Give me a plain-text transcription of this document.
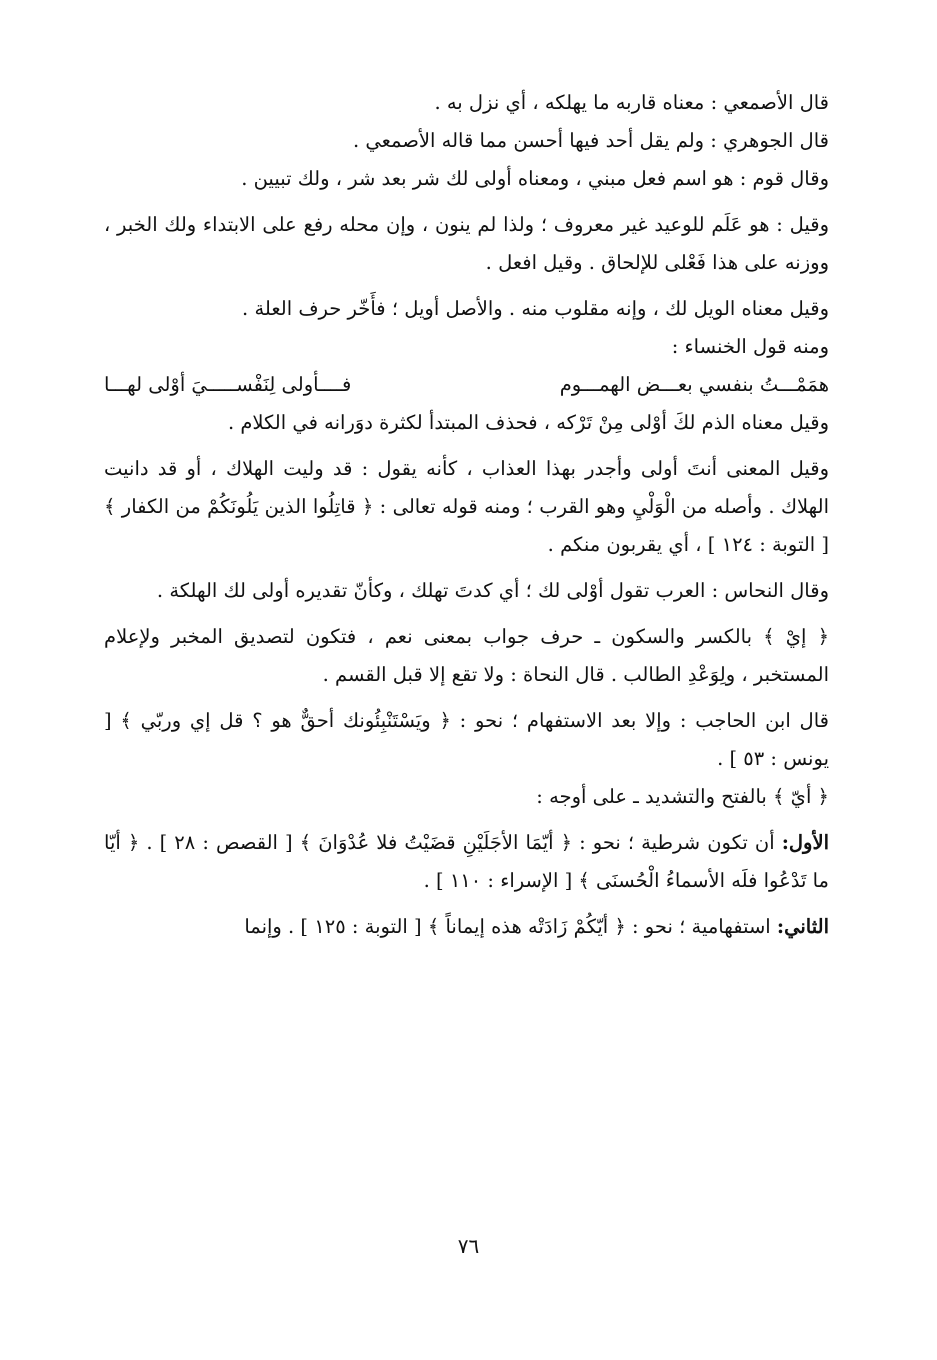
قال الأصمعي : معناه قاربه ما يهلكه ، أي نزل به .

قال الجوهري : ولم يقل أحد فيها أحسن مما قاله الأصمعي .

وقال قوم : هو اسم فعل مبني ، ومعناه أولى لك شر بعد شر ، ولك تبيين .

وقيل : هو عَلَم للوعيد غير معروف ؛ ولذا لم ينون ، وإن محله رفع على الابتداء ولك الخبر ، ووزنه على هذا فَعْلى للإلحاق . وقيل افعل .

وقيل معناه الويل لك ، وإنه مقلوب منه . والأصل أويل ؛ فأَخّر حرف العلة .

ومنه قول الخنساء :

همَمْـــتُ بنفسي بعـــض الهمـــوم
فــــأولى لِنَفْســـــيَ أوْلى لهـــا

وقيل معناه الذم لكَ أوْلى مِنْ تَرْكه ، فحذف المبتدأ لكثرة دوَرانه في الكلام .

وقيل المعنى أنتَ أولى وأجدر بهذا العذاب ، كأنه يقول : قد وليت الهلاك ، أو قد دانيت الهلاك . وأصله من الْوَلْيِ وهو القرب ؛ ومنه قوله تعالى : ﴿ قاتِلُوا الذين يَلُونَكُمْ من الكفار ﴾ [ التوبة : ١٢٤ ] ، أي يقربون منكم .

وقال النحاس : العرب تقول أوْلى لك ؛ أي كدتَ تهلك ، وكأنّ تقديره أولى لك الهلكة .

﴿ إيْ ﴾ بالكسر والسكون ـ حرف جواب بمعنى نعم ، فتكون لتصديق المخبر ولإعلام المستخبر ، ولِوَعْدِ الطالب . قال النحاة : ولا تقع إلا قبل القسم .

قال ابن الحاجب : وإلا بعد الاستفهام ؛ نحو : ﴿ ويَسْتَنْبِئُونك أحقٌّ هو ؟ قل إي وربّي ﴾ [ يونس : ٥٣ ] .

﴿ أيّ ﴾ بالفتح والتشديد ـ على أوجه :

الأول: أن تكون شرطية ؛ نحو : ﴿ أيّمَا الأجَلَيْنِ قضَيْتُ فلا عُدْوَانَ ﴾ [ القصص : ٢٨ ] . ﴿ أيّا ما تَدْعُوا فلَه الأسماءُ الْحُسنَى ﴾ [ الإسراء : ١١٠ ] .

الثاني: استفهامية ؛ نحو : ﴿ أيّكُمْ زَادَتْه هذه إيماناً ﴾ [ التوبة : ١٢٥ ] . وإنما

٧٦
